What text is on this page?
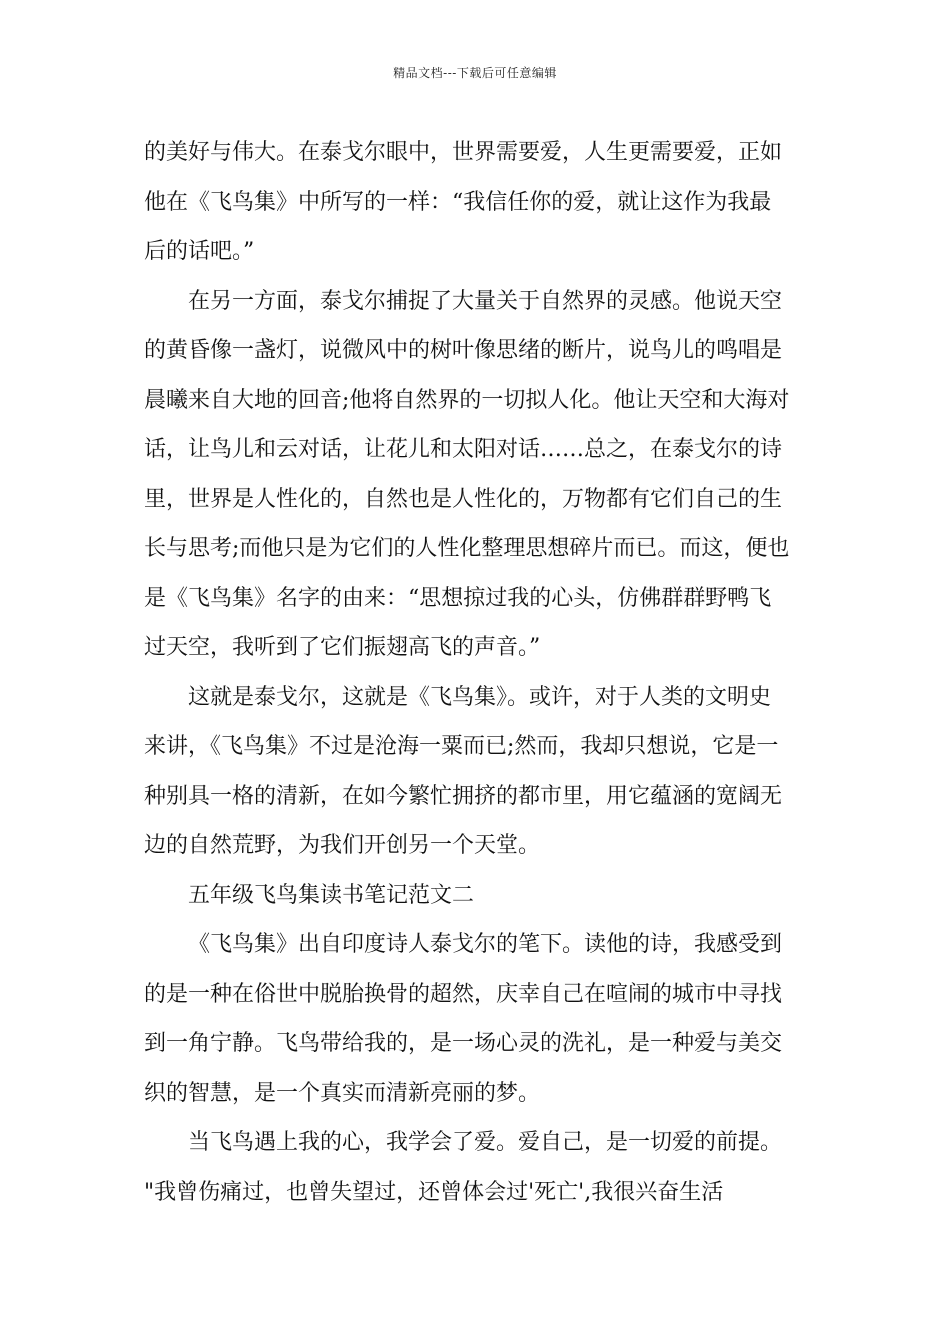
精品文档---下载后可任意编辑
的美好与伟大。在泰戈尔眼中，世界需要爱，人生更需要爱，正如
他在《飞鸟集》中所写的一样：“我信任你的爱，就让这作为我最
后的话吧。”
在另一方面，泰戈尔捕捉了大量关于自然界的灵感。他说天空
的黄昏像一盏灯，说微风中的树叶像思绪的断片，说鸟儿的鸣唱是
晨曦来自大地的回音;他将自然界的一切拟人化。他让天空和大海对
话，让鸟儿和云对话，让花儿和太阳对话……总之，在泰戈尔的诗
里，世界是人性化的，自然也是人性化的，万物都有它们自己的生
长与思考;而他只是为它们的人性化整理思想碎片而已。而这，便也
是《飞鸟集》名字的由来：“思想掠过我的心头，仿佛群群野鸭飞
过天空，我听到了它们振翅高飞的声音。”
这就是泰戈尔，这就是《飞鸟集》。或许，对于人类的文明史
来讲，《飞鸟集》不过是沧海一粟而已;然而，我却只想说，它是一
种别具一格的清新，在如今繁忙拥挤的都市里，用它蕴涵的宽阔无
边的自然荒野，为我们开创另一个天堂。
五年级飞鸟集读书笔记范文二
《飞鸟集》出自印度诗人泰戈尔的笔下。读他的诗，我感受到
的是一种在俗世中脱胎换骨的超然，庆幸自己在喧闹的城市中寻找
到一角宁静。飞鸟带给我的，是一场心灵的洗礼，是一种爱与美交
织的智慧，是一个真实而清新亮丽的梦。
当飞鸟遇上我的心，我学会了爱。爱自己，是一切爱的前提。
"我曾伤痛过，也曾失望过，还曾体会过'死亡',我很兴奋生活
